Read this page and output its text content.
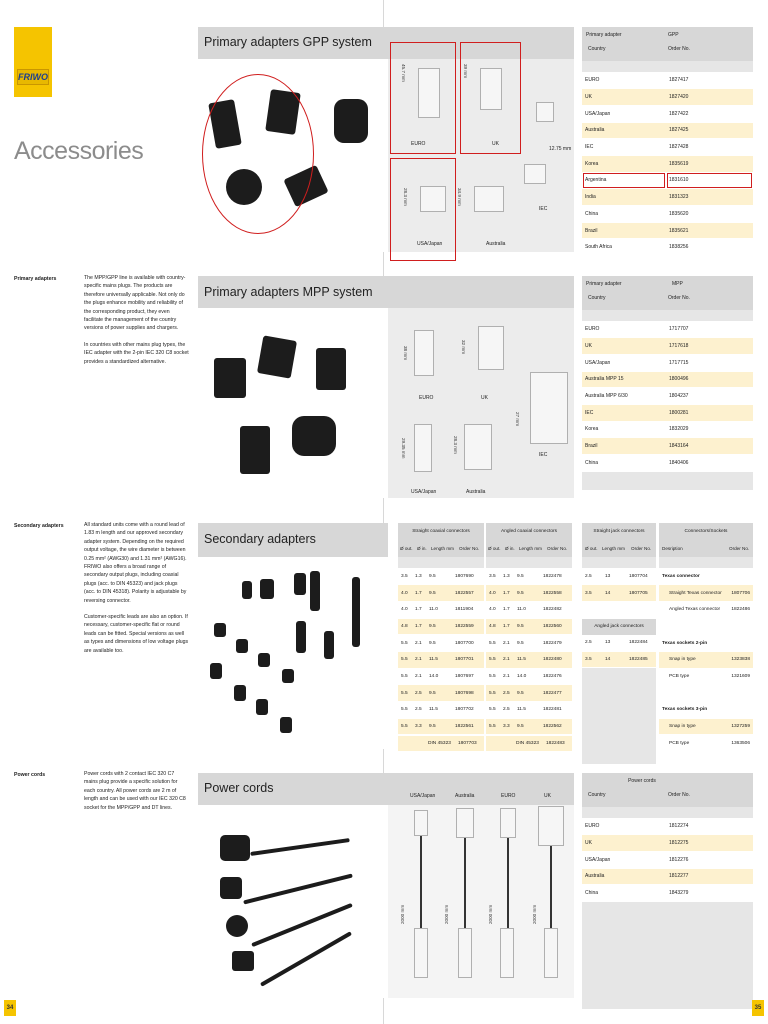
FRIWO
Accessories
Primary adapters	The MPP/GPP line is available with country-specific mains plugs. The products are therefore universally applicable. Not only do the plugs enhance mobility and reliability of the corresponding product, they even facilitate the management of the country versions of power supplies and chargers.

In countries with other mains plug types, the IEC adapter with the 2-pin IEC 320 C8 socket provides a standardized alternative.

Secondary adapters	All standard units come with a round lead of 1.83 m length and our approved secondary adapter system. Depending on the required output voltage, the wire diameter is between 0.25 mm² (AWG30) and 1.31 mm² (AWG16). FRIWO also offers a broad range of secondary output plugs, including coaxial plugs (acc. to DIN 45323) and jack plugs (acc. to DIN 45318). Polarity is adjustable by reversing connector.

Customer-specific leads are also an option. If necessary, customer-specific flat or round leads can be fitted. Special versions as well as types and dimensions of low voltage plugs are available too.

Power cords	Power cords with 2 contact IEC 320 C7 mains plug provide a specific solution for each country. All power cords are 2 m of length and can be used with our IEC 320 C8 socket for the MPP/GPP and DT lines.

Primary adapters GPP system
45.7 mm	39 mm
12.75 mm
28.3 mm	34.9 mm
EURO	UK
IEC
USA/Japan	Australia
Primary adapter	GPP
Country	Order No.
EURO	1827417
UK	1827420
USA/Japan	1827422
Australia	1827425
IEC	1827428
Korea	1835619
Argentina	1831610
India	1831323
China	1835620
Brazil	1835621
South Africa	1838256
Primary adapters MPP system
38 mm	32 mm
27 mm
29.35 mm	28.3 mm
EURO	UK
IEC
USA/Japan	Australia
Primary adapter	MPP
Country	Order No.
EURO	1717707
UK	1717618
USA/Japan	1717715
Australia MPP 15	1800496
Australia MPP 6/30	1804237
IEC	1800281
Korea	1832029
Brazil	1843164
China	1840406
Secondary adapters
Straight coaxial connectors
Ø out. Ø in. Length mm Order No.
3.5	1.3	9.5	1807690
4.0	1.7	9.5	1822557
4.0	1.7	11.0	1811904
4.8	1.7	9.5	1822559
5.5	2.1	9.5	1807700
5.5	2.1	11.5	1807701
5.5	2.1	14.0	1807697
5.5	2.5	9.5	1807698
5.5	2.5	11.5	1807702
5.5	3.3	9.5	1822561
DIN 45323 1807703
Angled coaxial connectors
Ø out. Ø in. Length mm Order No.
3.5	1.3	9.5	1822478
4.0	1.7	9.5	1822558
4.0	1.7	11.0	1822482
4.8	1.7	9.5	1822560
5.5	2.1	9.5	1822479
5.5	2.1	11.5	1822480
5.5	2.1	14.0	1822476
5.5	2.5	9.5	1822477
5.5	2.5	11.5	1822481
5.5	3.3	9.5	1822562
DIN 45323 1822483
Straight jack connectors
Ø out. Length mm Order No.
2.5	13	1807704
3.5	14	1807705

Angled jack connectors
2.5	13	1822484
3.5	14	1822485
Connectors/Sockets
Desription	Order No.
Texas connector	
Straight Texas connector	1807706
Angled Texas connector	1822486

Texas sockets 2-pin	
Snap in type	1323838
PCB type	1321609

Texas sockets 3-pin	
Snap in type	1327259
PCB type	1363506
Power cords
USA/Japan	Australia	EURO	UK
2000 mm	2000 mm	2000 mm	2000 mm
Power cords
Country	Order No.
EURO	1812274
UK	1812275
USA/Japan	1812276
Australia	1812277
China	1843279
34	35
